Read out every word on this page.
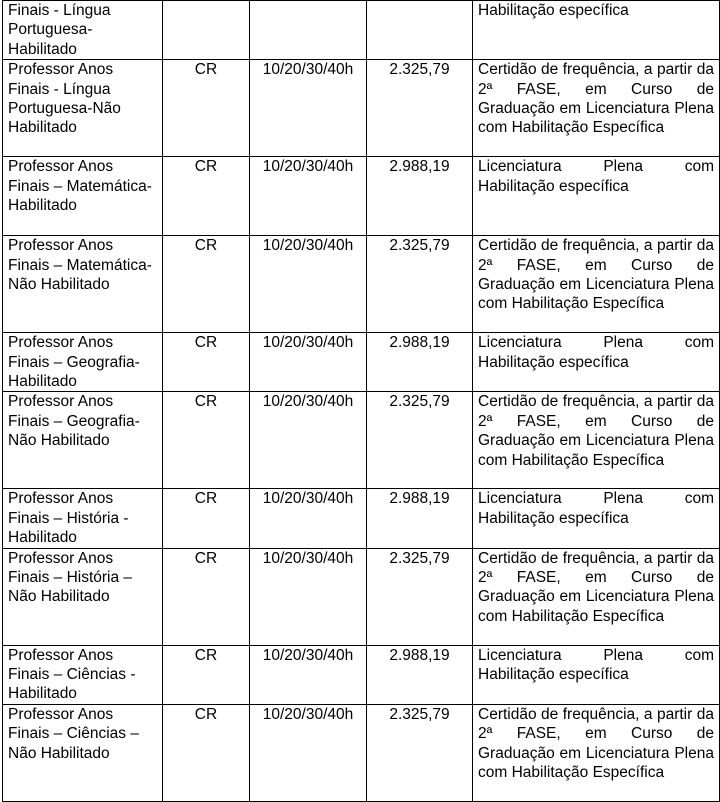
Finais - Língua Portuguesa-Habilitado				Habilitação específica

Professor Anos Finais - Língua Portuguesa-Não Habilitado	CR	10/20/30/40h	2.325,79	Certidão de frequência, a partir da 2ª FASE, em Curso de Graduação em Licenciatura Plena com Habilitação Específica

Professor Anos Finais – Matemática-Habilitado	CR	10/20/30/40h	2.988,19	Licenciatura Plena com Habilitação específica

Professor Anos Finais – Matemática-Não Habilitado	CR	10/20/30/40h	2.325,79	Certidão de frequência, a partir da 2ª FASE, em Curso de Graduação em Licenciatura Plena com Habilitação Específica

Professor Anos Finais – Geografia-Habilitado	CR	10/20/30/40h	2.988,19	Licenciatura Plena com Habilitação específica

Professor Anos Finais – Geografia-Não Habilitado	CR	10/20/30/40h	2.325,79	Certidão de frequência, a partir da 2ª FASE, em Curso de Graduação em Licenciatura Plena com Habilitação Específica

Professor Anos Finais – História - Habilitado	CR	10/20/30/40h	2.988,19	Licenciatura Plena com Habilitação específica

Professor Anos Finais – História – Não Habilitado	CR	10/20/30/40h	2.325,79	Certidão de frequência, a partir da 2ª FASE, em Curso de Graduação em Licenciatura Plena com Habilitação Específica

Professor Anos Finais – Ciências - Habilitado	CR	10/20/30/40h	2.988,19	Licenciatura Plena com Habilitação específica

Professor Anos Finais – Ciências – Não Habilitado	CR	10/20/30/40h	2.325,79	Certidão de frequência, a partir da 2ª FASE, em Curso de Graduação em Licenciatura Plena com Habilitação Específica
